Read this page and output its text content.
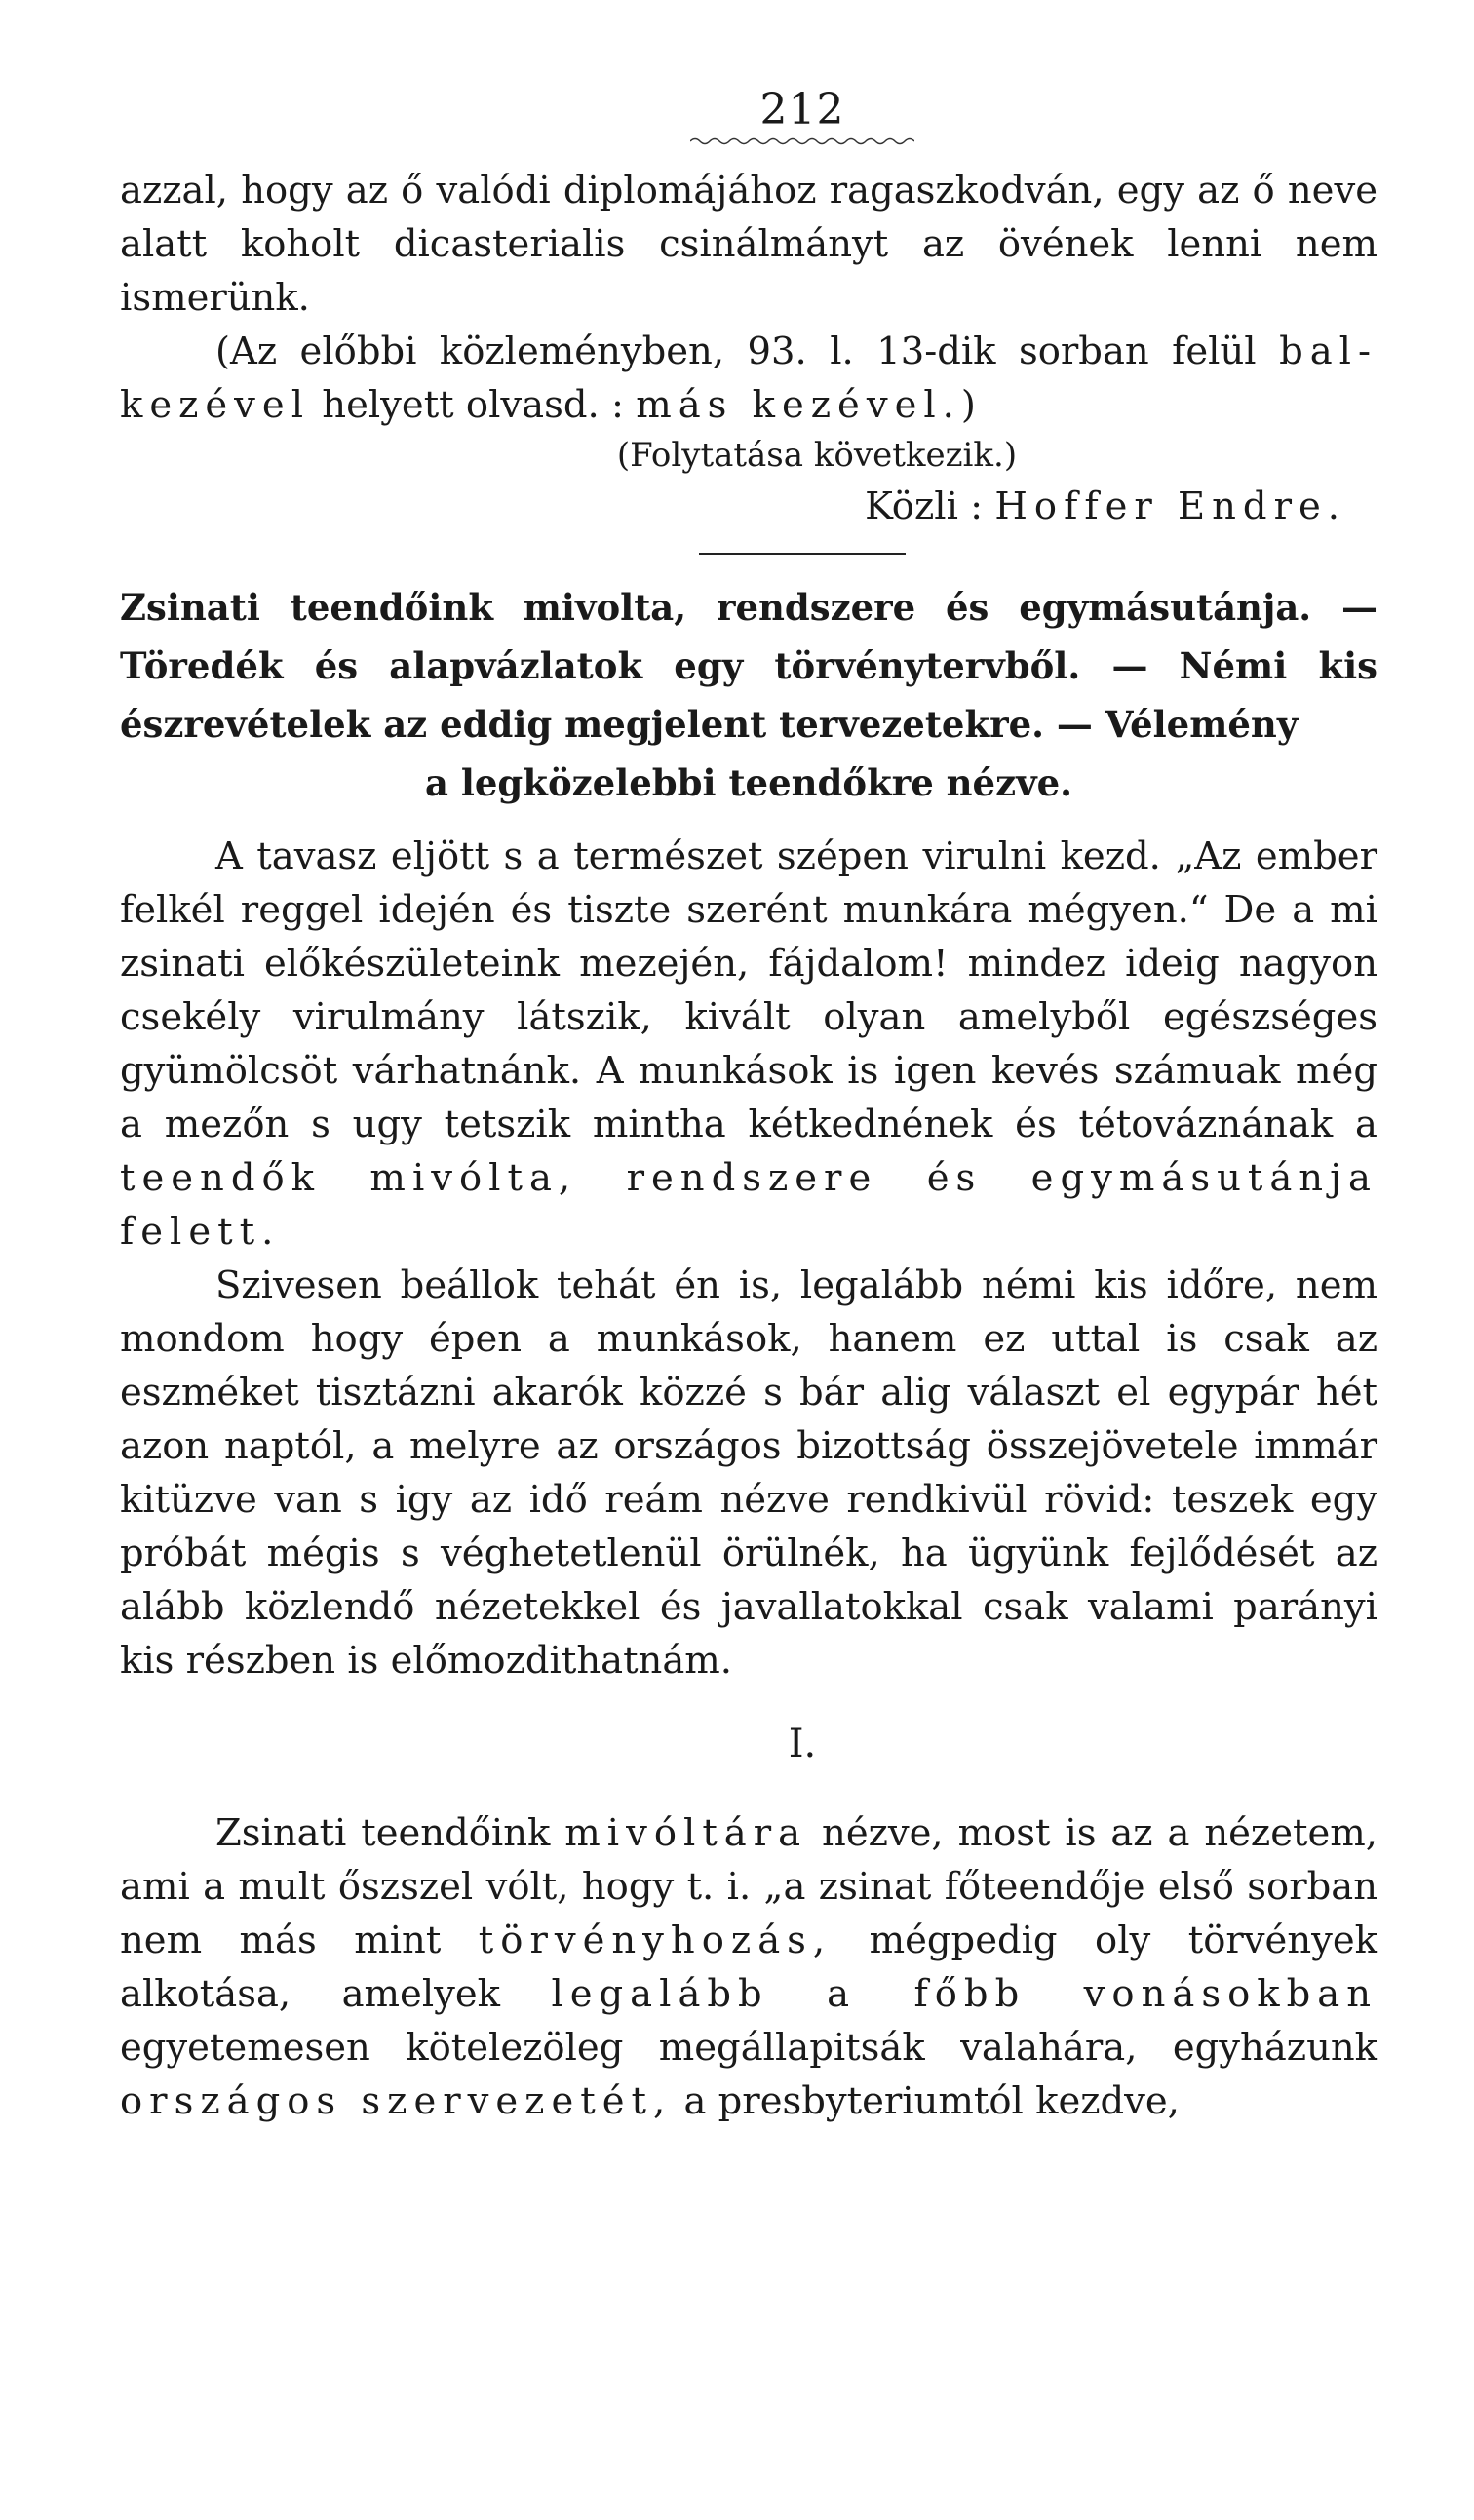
212

azzal, hogy az ő valódi diplomájához ragaszkodván, egy az ő neve alatt koholt dicasterialis csinálmányt az övének lenni nem ismerünk.

(Az előbbi közleményben, 93. l. 13-dik sorban felül bal-kezével helyett olvasd. : más kezével.)

(Folytatása következik.)
Közli : Hoffer Endre.

Zsinati teendőink mivolta, rendszere és egymásutánja. — Töredék és alapvázlatok egy törvénytervből. — Némi kis észrevételek az eddig megjelent tervezetekre. — Vélemény

a legközelebbi teendőkre nézve.

A tavasz eljött s a természet szépen virulni kezd. „Az ember felkél reggel idején és tiszte szerént munkára mégyen.“ De a mi zsinati előkészületeink mezején, fájdalom! mindez ideig nagyon csekély virulmány látszik, kivált olyan amelyből egészséges gyümölcsöt várhatnánk. A munkások is igen kevés számuak még a mezőn s ugy tetszik mintha kétkednének és tétováznának a teendők mivólta, rendszere és egymásutánja felett.

Szivesen beállok tehát én is, legalább némi kis időre, nem mondom hogy épen a munkások, hanem ez uttal is csak az eszméket tisztázni akarók közzé s bár alig választ el egypár hét azon naptól, a melyre az országos bizottság összejövetele immár kitüzve van s igy az idő reám nézve rendkivül rövid: teszek egy próbát mégis s véghetetlenül örülnék, ha ügyünk fejlődését az alább közlendő nézetekkel és javallatokkal csak valami parányi kis részben is előmozdithatnám.

I.

Zsinati teendőink mivóltára nézve, most is az a nézetem, ami a mult őszszel vólt, hogy t. i. „a zsinat főteendője első sorban nem más mint törvényhozás, mégpedig oly törvények alkotása, amelyek legalább a főbb vonásokban egyetemesen kötelezöleg megállapitsák valahára, egyházunk országos szervezetét, a presbyteriumtól kezdve,
